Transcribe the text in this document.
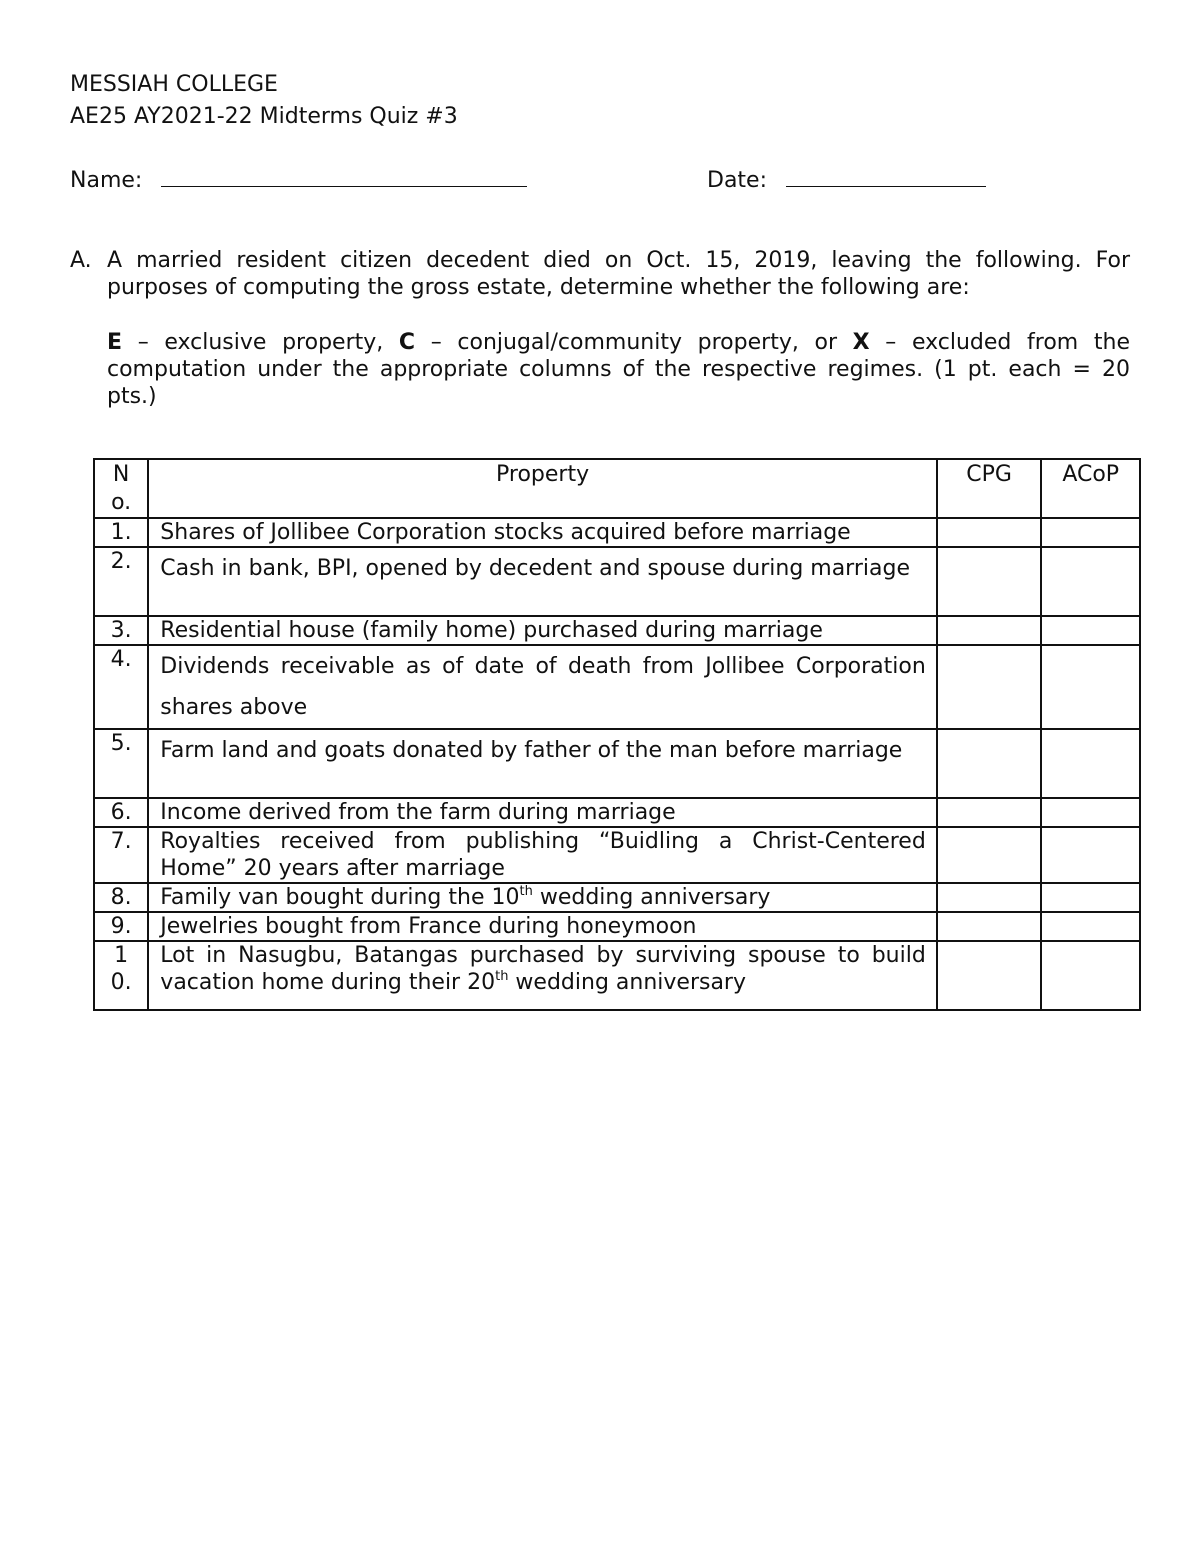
MESSIAH COLLEGE
AE25 AY2021-22 Midterms Quiz #3
Name:	Date:
A. A married resident citizen decedent died on Oct. 15, 2019, leaving the following. For purposes of computing the gross estate, determine whether the following are:
E – exclusive property, C – conjugal/community property, or X – excluded from the computation under the appropriate columns of the respective regimes. (1 pt. each = 20 pts.)
No.	Property	CPG	ACoP
1.	Shares of Jollibee Corporation stocks acquired before marriage		

2.	Cash in bank, BPI, opened by decedent and spouse during marriage		

3.	Residential house (family home) purchased during marriage		

4.	Dividends receivable as of date of death from Jollibee Corporation shares above		

5.	Farm land and goats donated by father of the man before marriage		

6.	Income derived from the farm during marriage		

7.	Royalties received from publishing “Buidling a Christ-Centered Home” 20 years after marriage		

8.	Family van bought during the 10th wedding anniversary		

9.	Jewelries bought from France during honeymoon		

10.	Lot in Nasugbu, Batangas purchased by surviving spouse to build vacation home during their 20th wedding anniversary		
